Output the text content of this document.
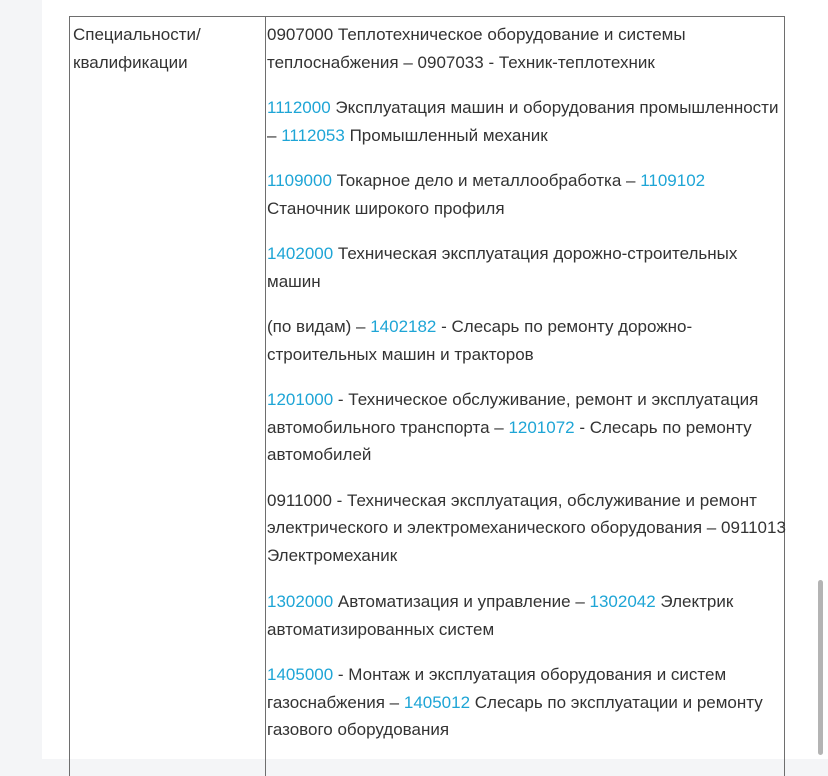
Специальности/
квалификации

0907000 Теплотехническое оборудование и системы теплоснабжения – 0907033 - Техник-теплотехник

1112000 Эксплуатация машин и оборудования промышленности – 1112053 Промышленный механик

1109000 Токарное дело и металлообработка – 1109102
Станочник широкого профиля

1402000 Техническая эксплуатация дорожно-строительных машин

(по видам) – 1402182 - Слесарь по ремонту дорожно-строительных машин и тракторов

1201000 - Техническое обслуживание, ремонт и эксплуатация автомобильного транспорта – 1201072 - Слесарь по ремонту автомобилей

0911000 - Техническая эксплуатация, обслуживание и ремонт электрического и электромеханического оборудования – 0911013 Электромеханик

1302000 Автоматизация и управление – 1302042 Электрик автоматизированных систем

1405000 - Монтаж и эксплуатация оборудования и систем газоснабжения – 1405012 Слесарь по эксплуатации и ремонту газового оборудования
